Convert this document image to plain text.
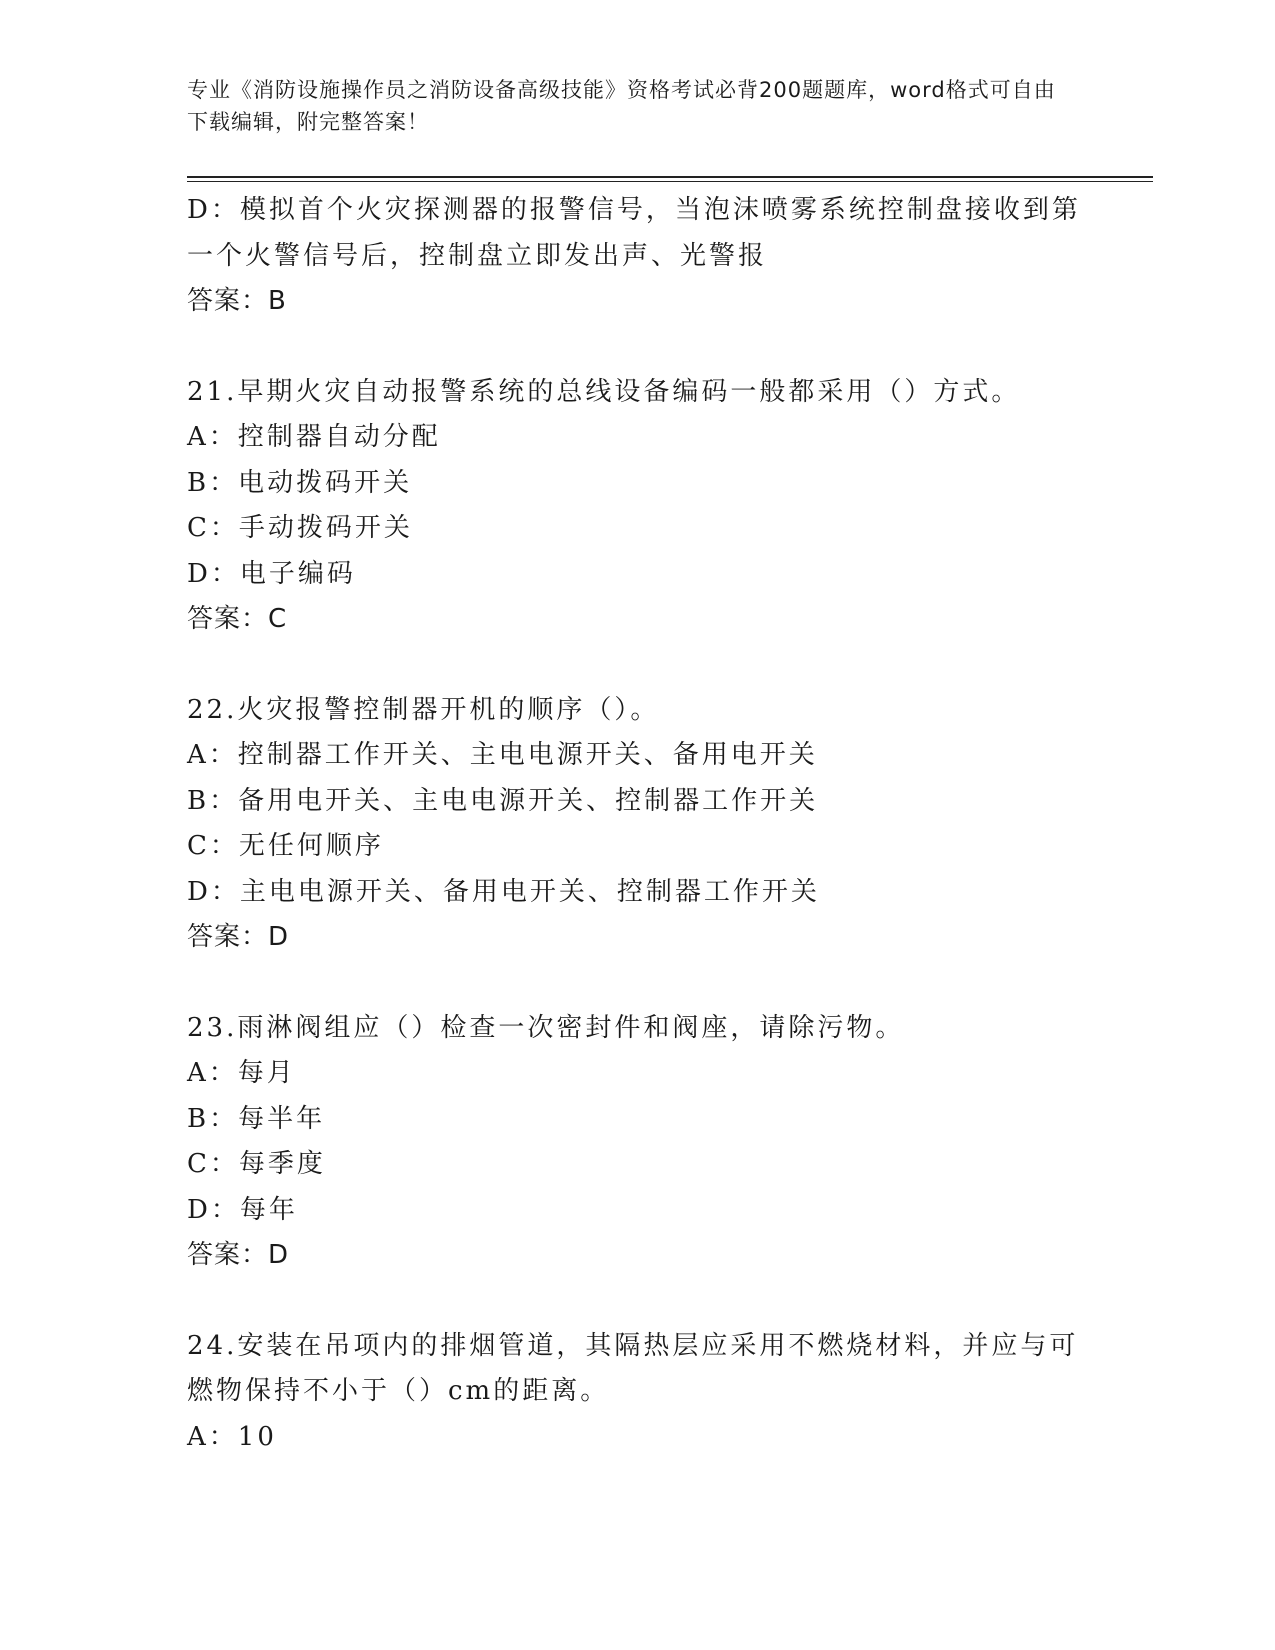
专业《消防设施操作员之消防设备高级技能》资格考试必背200题题库，word格式可自由下载编辑，附完整答案！
D：模拟首个火灾探测器的报警信号，当泡沫喷雾系统控制盘接收到第
一个火警信号后，控制盘立即发出声、光警报
答案：B
21.早期火灾自动报警系统的总线设备编码一般都采用（）方式。
A：控制器自动分配
B：电动拨码开关
C：手动拨码开关
D：电子编码
答案：C
22.火灾报警控制器开机的顺序（）。
A：控制器工作开关、主电电源开关、备用电开关
B：备用电开关、主电电源开关、控制器工作开关
C：无任何顺序
D：主电电源开关、备用电开关、控制器工作开关
答案：D
23.雨淋阀组应（）检查一次密封件和阀座，请除污物。
A：每月
B：每半年
C：每季度
D：每年
答案：D
24.安装在吊项内的排烟管道，其隔热层应采用不燃烧材料，并应与可
燃物保持不小于（）cm的距离。
A：10
